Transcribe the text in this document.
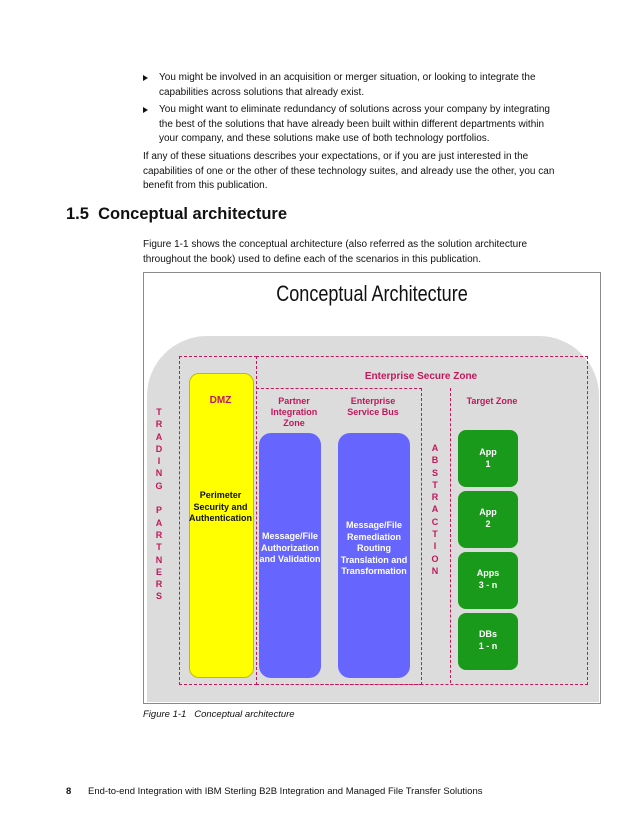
You might be involved in an acquisition or merger situation, or looking to integrate the capabilities across solutions that already exist.

You might want to eliminate redundancy of solutions across your company by integrating the best of the solutions that have already been built within different departments within your company, and these solutions make use of both technology portfolios.

If any of these situations describes your expectations, or if you are just interested in the capabilities of one or the other of these technology suites, and already use the other, you can benefit from this publication.

1.5 Conceptual architecture

Figure 1-1 shows the conceptual architecture (also referred as the solution architecture throughout the book) used to define each of the scenarios in this publication.

Conceptual Architecture
Enterprise Secure Zone
T
R
A
D
I
N
G

P
A
R
T
N
E
R
S
DMZ
Perimeter Security and Authentication
Partner Integration Zone
Message/File Authorization and Validation
Enterprise Service Bus
Message/File Remediation Routing Translation and Transformation
A
B
S
T
R
A
C
T
I
O
N
Target Zone
App
1
App
2
Apps
3 - n
DBs
1 - n
Figure 1-1 Conceptual architecture
8 End-to-end Integration with IBM Sterling B2B Integration and Managed File Transfer Solutions
